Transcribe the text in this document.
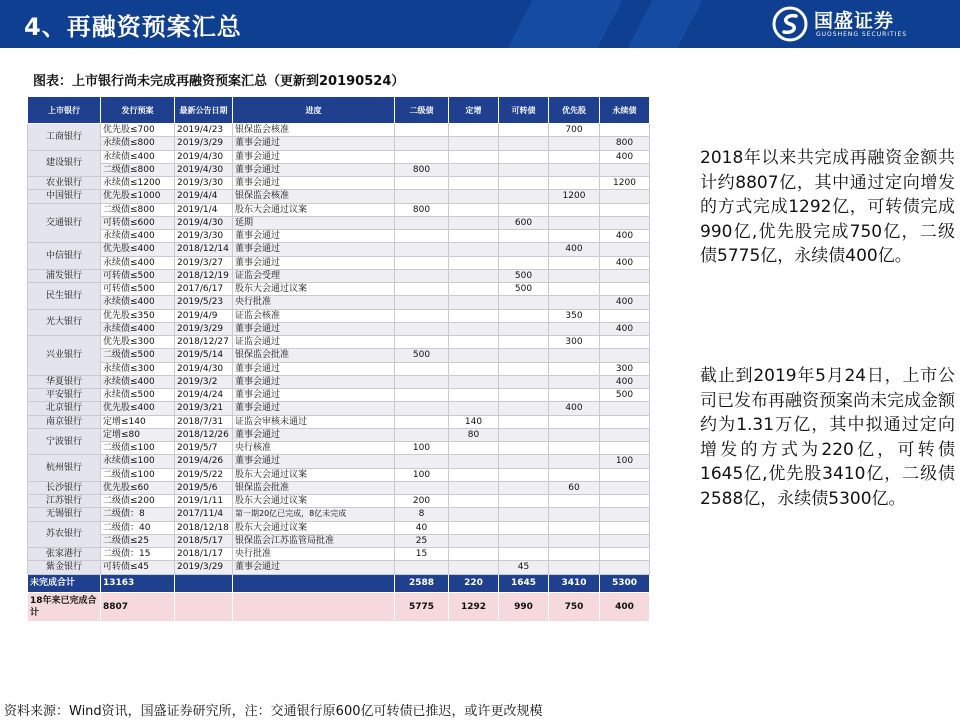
4、再融资预案汇总	国盛证券
GUOSHENG SECURITIES
图表：上市银行尚未完成再融资预案汇总（更新到20190524）
上市银行	发行预案	最新公告日期	进度	二级债	定增	可转债	优先股	永续债
工商银行	优先股≤700	2019/4/23	银保监会核准				700	
	永续债≤800	2019/3/29	董事会通过					800
建设银行	永续债≤400	2019/4/30	董事会通过					400
	二级债≤800	2019/4/30	董事会通过	800				
农业银行	永续债≤1200	2019/3/30	董事会通过					1200
中国银行	优先股≤1000	2019/4/4	银保监会核准				1200	
交通银行	二级债≤800	2019/1/4	股东大会通过议案	800				
	可转债≤600	2019/4/30	延期			600		
	永续债≤400	2019/3/30	董事会通过					400
中信银行	优先股≤400	2018/12/14	董事会通过				400	
	永续债≤400	2019/3/27	董事会通过					400
浦发银行	可转债≤500	2018/12/19	证监会受理			500		
民生银行	可转债≤500	2017/6/17	股东大会通过议案			500		
	永续债≤400	2019/5/23	央行批准					400
光大银行	优先股≤350	2019/4/9	证监会核准				350	
	永续债≤400	2019/3/29	董事会通过					400
兴业银行	优先股≤300	2018/12/27	证监会通过				300	
	二级债≤500	2019/5/14	银保监会批准	500				
	永续债≤300	2019/4/30	董事会通过					300
华夏银行	永续债≤400	2019/3/2	董事会通过					400
平安银行	永续债≤500	2019/4/24	董事会通过					500
北京银行	优先股≤400	2019/3/21	董事会通过				400	
南京银行	定增≤140	2018/7/31	证监会审核未通过		140			
宁波银行	定增≤80	2018/12/26	董事会通过		80			
	二级债≤100	2019/5/7	央行核准	100				
杭州银行	永续债≤100	2019/4/26	董事会通过					100
	二级债≤100	2019/5/22	股东大会通过议案	100				
长沙银行	优先股≤60	2019/5/6	银保监会批准				60	
江苏银行	二级债≤200	2019/1/11	股东大会通过议案	200				
无锡银行	二级债：8	2017/11/4	第一期20亿已完成，8亿未完成	8				
苏农银行	二级债：40	2018/12/18	股东大会通过议案	40				
	二级债≤25	2018/5/17	银保监会江苏监管局批准	25				
张家港行	二级债：15	2018/1/17	央行批准	15				
紫金银行	可转债≤45	2019/3/29	董事会通过			45		
未完成合计	13163			2588	220	1645	3410	5300
18年来已完成合计	8807			5775	1292	990	750	400
2018年以来共完成再融资金额共计约8807亿，其中通过定向增发的方式完成1292亿，可转债完成990亿,优先股完成750亿，二级债5775亿，永续债400亿。
截止到2019年5月24日，上市公司已发布再融资预案尚未完成金额约为1.31万亿，其中拟通过定向增发的方式为220亿，可转债1645亿,优先股3410亿，二级债2588亿，永续债5300亿。
资料来源：Wind资讯，国盛证券研究所，注：交通银行原600亿可转债已推迟，或许更改规模
